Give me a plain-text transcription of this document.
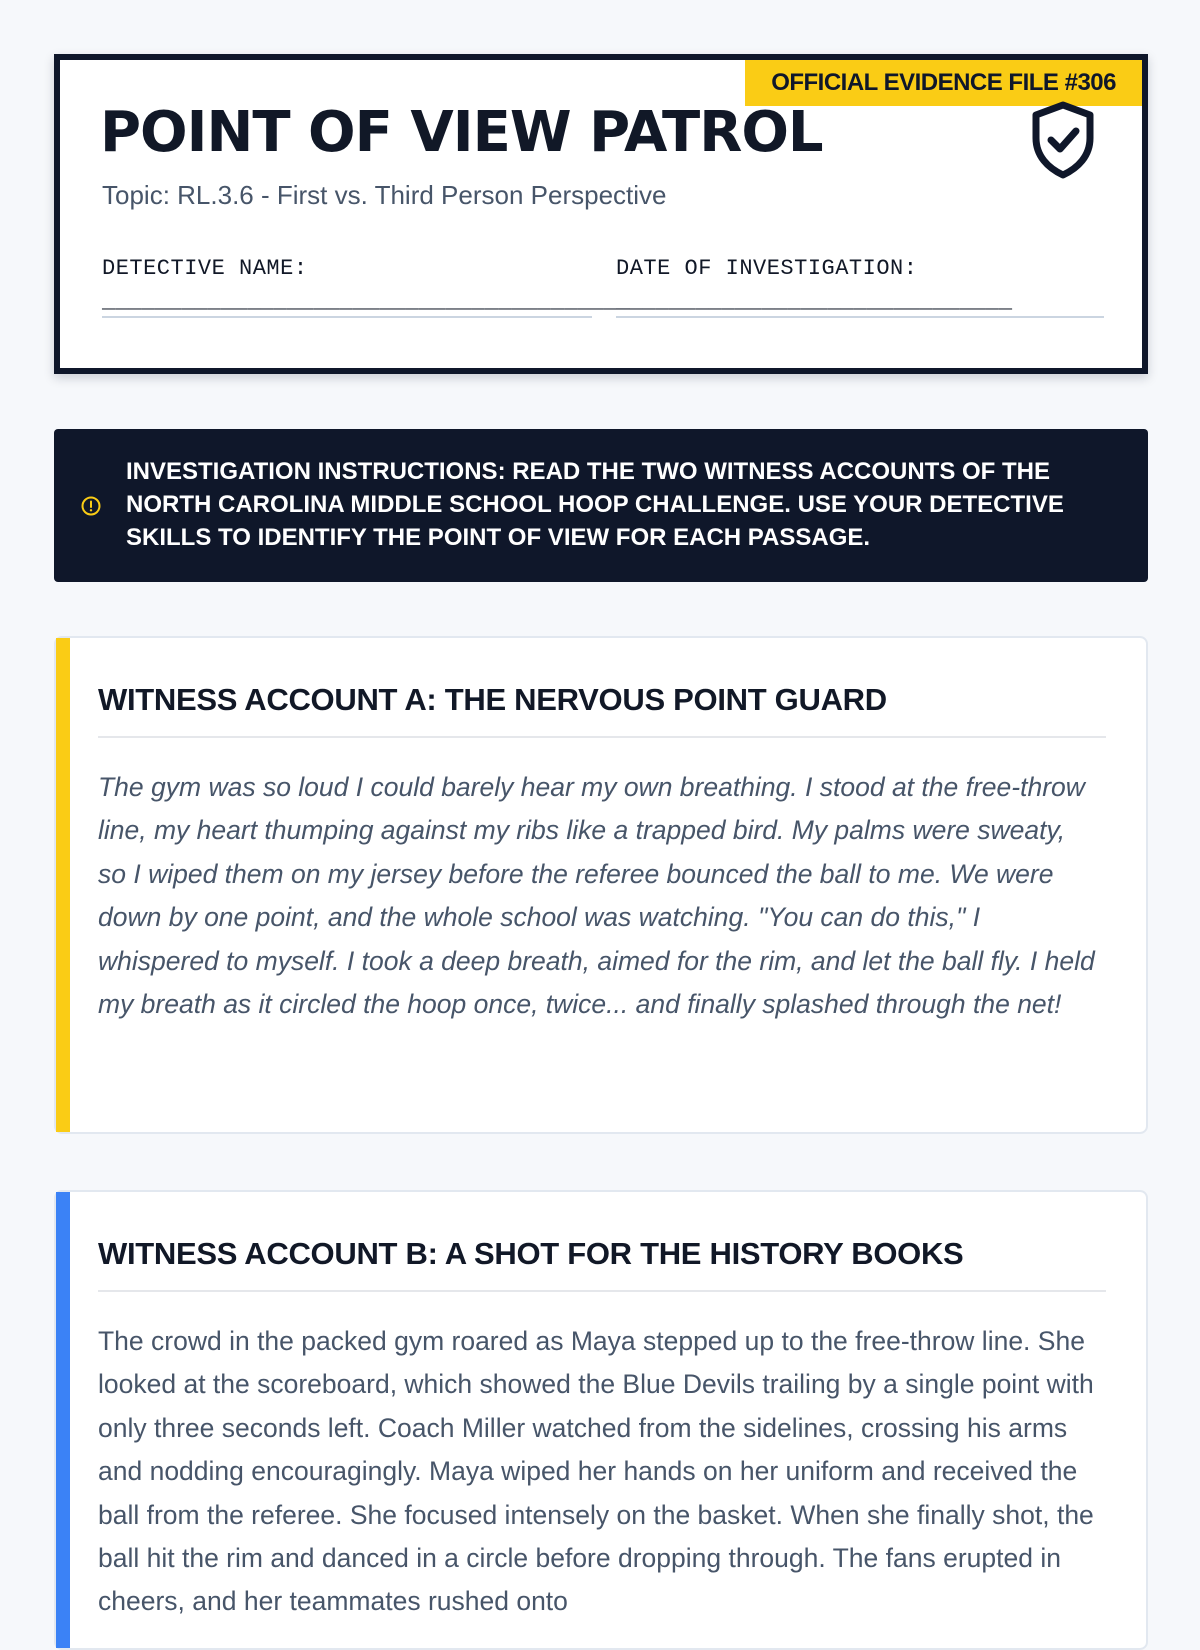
OFFICIAL EVIDENCE FILE #306
POINT OF VIEW PATROL
Topic: RL.3.6 - First vs. Third Person Perspective
DETECTIVE NAME:
________________________________________
DATE OF INVESTIGATION:
______________________________

INVESTIGATION INSTRUCTIONS: READ THE TWO WITNESS ACCOUNTS OF THE NORTH CAROLINA MIDDLE SCHOOL HOOP CHALLENGE. USE YOUR DETECTIVE SKILLS TO IDENTIFY THE POINT OF VIEW FOR EACH PASSAGE.

WITNESS ACCOUNT A: THE NERVOUS POINT GUARD

The gym was so loud I could barely hear my own breathing. I stood at the free-throw line, my heart thumping against my ribs like a trapped bird. My palms were sweaty, so I wiped them on my jersey before the referee bounced the ball to me. We were down by one point, and the whole school was watching. "You can do this," I whispered to myself. I took a deep breath, aimed for the rim, and let the ball fly. I held my breath as it circled the hoop once, twice... and finally splashed through the net!

WITNESS ACCOUNT B: A SHOT FOR THE HISTORY BOOKS

The crowd in the packed gym roared as Maya stepped up to the free-throw line. She looked at the scoreboard, which showed the Blue Devils trailing by a single point with only three seconds left. Coach Miller watched from the sidelines, crossing his arms and nodding encouragingly. Maya wiped her hands on her uniform and received the ball from the referee. She focused intensely on the basket. When she finally shot, the ball hit the rim and danced in a circle before dropping through. The fans erupted in cheers, and her teammates rushed onto
